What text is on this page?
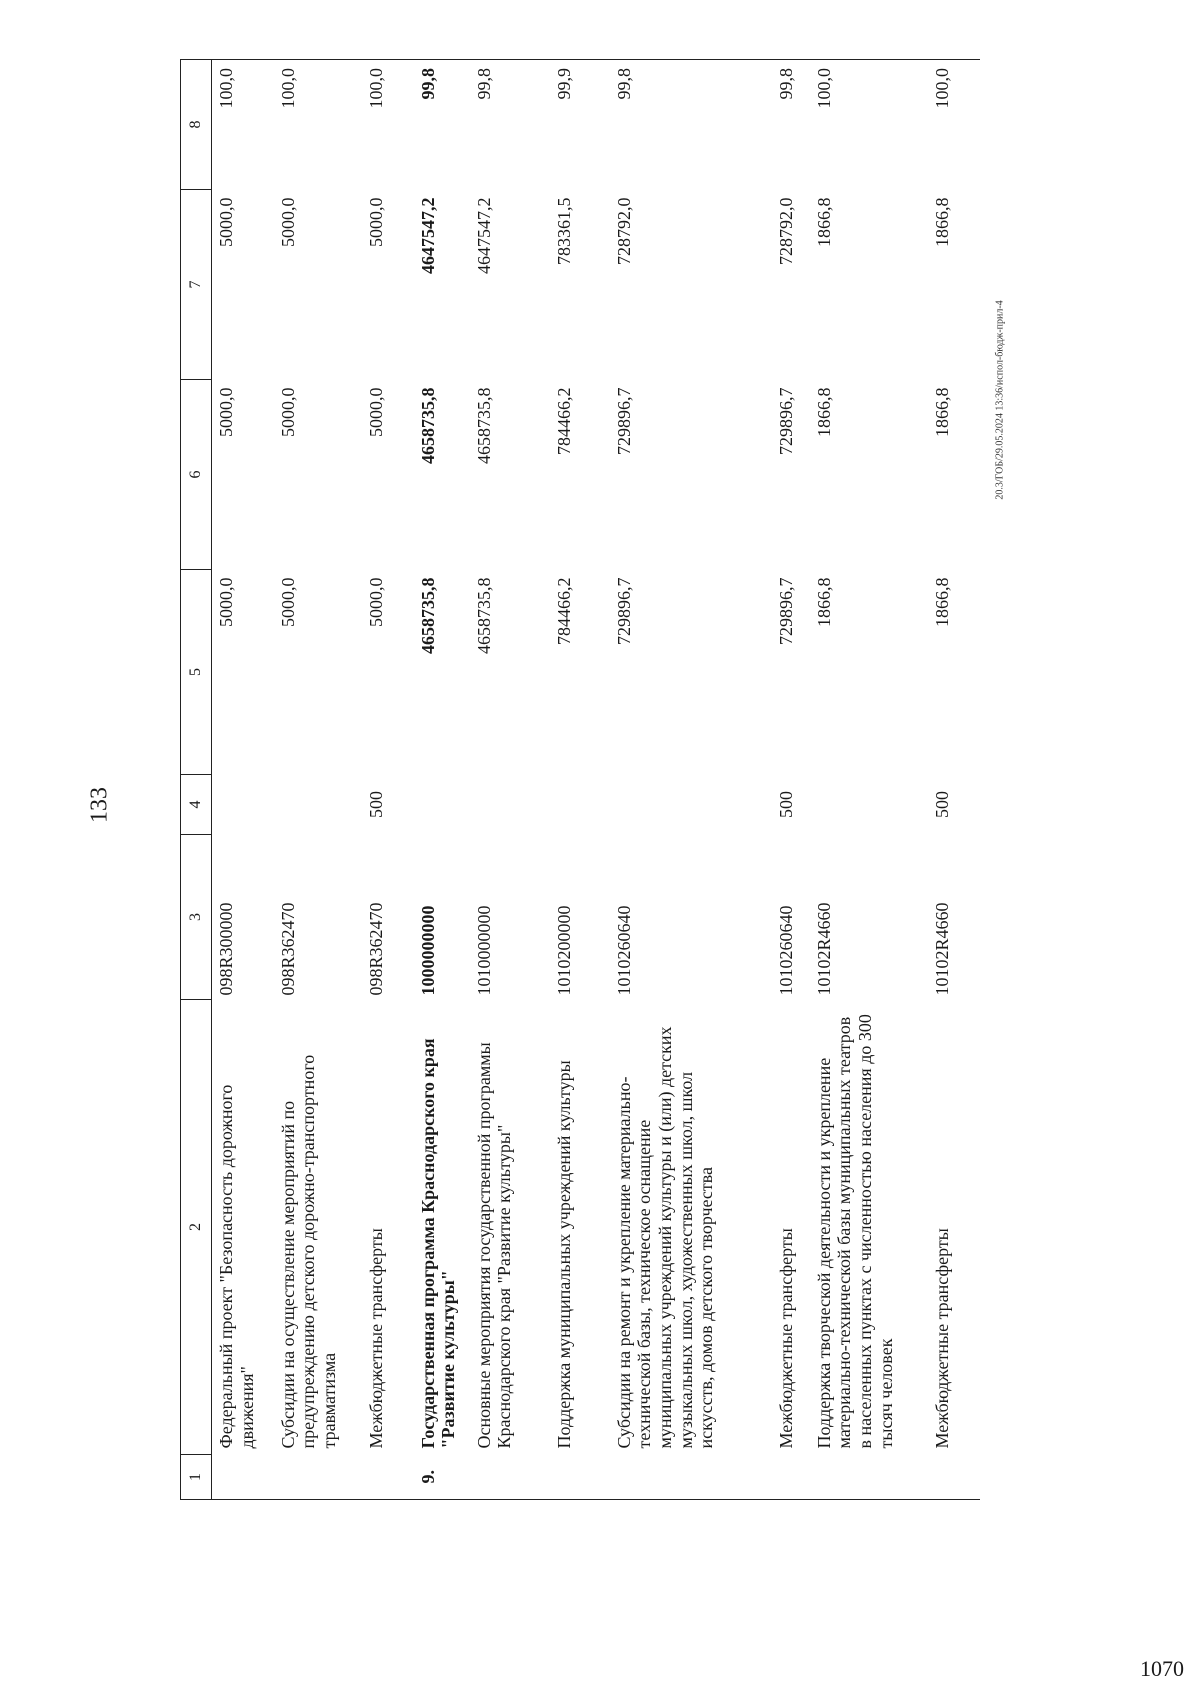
133
1	2	3	4	5	6	7	8
	Федеральный проект "Безопасность дорожного движения"	098R300000		5000,0	5000,0	5000,0	100,0
	Субсидии на осуществление мероприятий по предупреждению детского дорожно-транспортного травматизма	098R362470		5000,0	5000,0	5000,0	100,0
	Межбюджетные трансферты	098R362470	500	5000,0	5000,0	5000,0	100,0
9.	Государственная программа Краснодарского края "Развитие культуры"	1000000000		4658735,8	4658735,8	4647547,2	99,8
	Основные мероприятия государственной программы Краснодарского края "Развитие культуры"	1010000000		4658735,8	4658735,8	4647547,2	99,8
	Поддержка муниципальных учреждений культуры	1010200000		784466,2	784466,2	783361,5	99,9
	Субсидии на ремонт и укрепление материально-технической базы, техническое оснащение муниципальных учреждений культуры и (или) детских музыкальных школ, художественных школ, школ искусств, домов детского творчества	1010260640		729896,7	729896,7	728792,0	99,8
	Межбюджетные трансферты	1010260640	500	729896,7	729896,7	728792,0	99,8
	Поддержка творческой деятельности и укрепление материально-технической базы муниципальных театров в населенных пунктах с численностью населения до 300 тысяч человек	10102R4660		1866,8	1866,8	1866,8	100,0
	Межбюджетные трансферты	10102R4660	500	1866,8	1866,8	1866,8	100,0
20.3/ГОБ/29.05.2024 13:36/испол-бюдж-прил-4
1070
